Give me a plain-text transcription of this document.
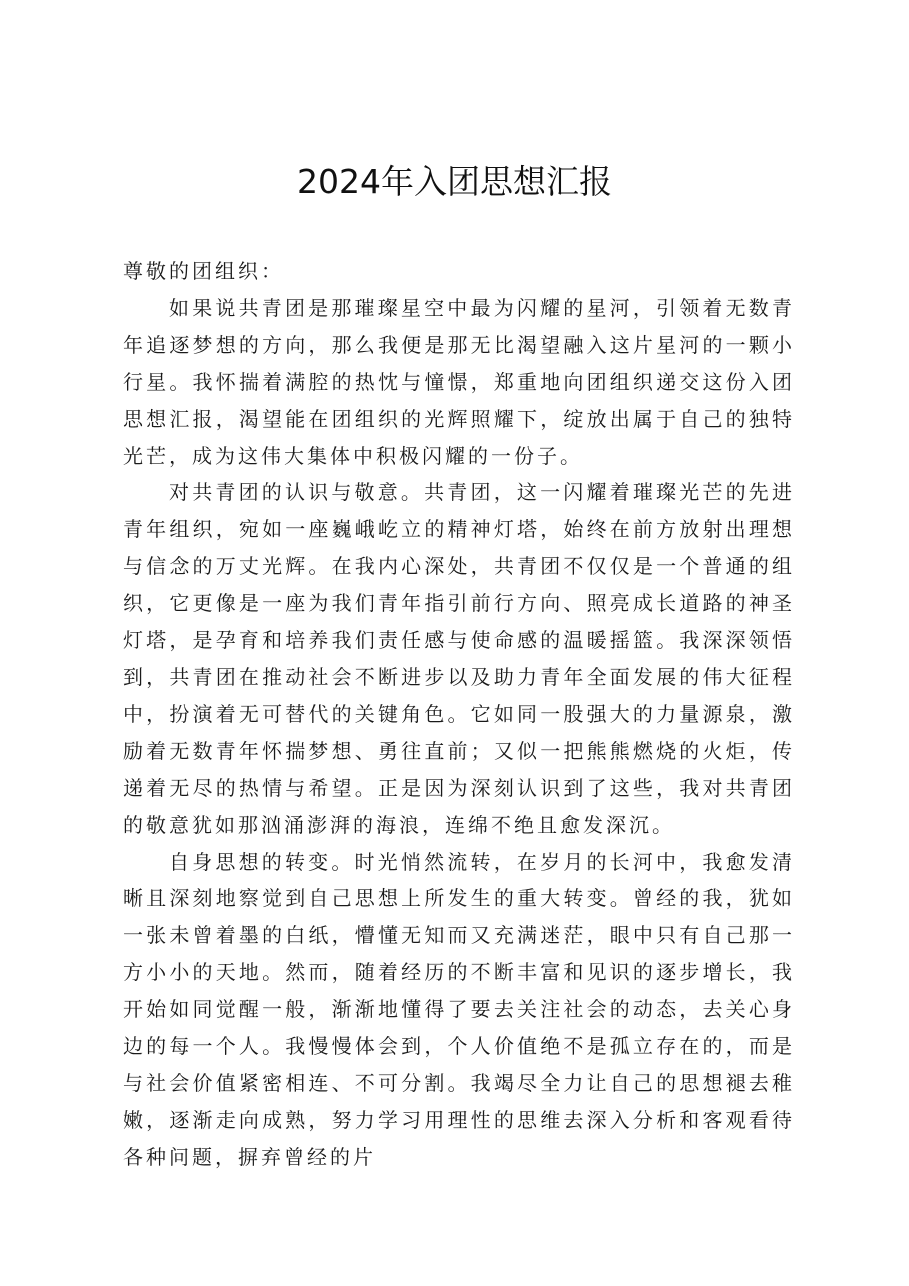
2024年入团思想汇报

尊敬的团组织：

如果说共青团是那璀璨星空中最为闪耀的星河，引领着无数青年追逐梦想的方向，那么我便是那无比渴望融入这片星河的一颗小行星。我怀揣着满腔的热忱与憧憬，郑重地向团组织递交这份入团思想汇报，渴望能在团组织的光辉照耀下，绽放出属于自己的独特光芒，成为这伟大集体中积极闪耀的一份子。

对共青团的认识与敬意。共青团，这一闪耀着璀璨光芒的先进青年组织，宛如一座巍峨屹立的精神灯塔，始终在前方放射出理想与信念的万丈光辉。在我内心深处，共青团不仅仅是一个普通的组织，它更像是一座为我们青年指引前行方向、照亮成长道路的神圣灯塔，是孕育和培养我们责任感与使命感的温暖摇篮。我深深领悟到，共青团在推动社会不断进步以及助力青年全面发展的伟大征程中，扮演着无可替代的关键角色。它如同一股强大的力量源泉，激励着无数青年怀揣梦想、勇往直前；又似一把熊熊燃烧的火炬，传递着无尽的热情与希望。正是因为深刻认识到了这些，我对共青团的敬意犹如那汹涌澎湃的海浪，连绵不绝且愈发深沉。

自身思想的转变。时光悄然流转，在岁月的长河中，我愈发清晰且深刻地察觉到自己思想上所发生的重大转变。曾经的我，犹如一张未曾着墨的白纸，懵懂无知而又充满迷茫，眼中只有自己那一方小小的天地。然而，随着经历的不断丰富和见识的逐步增长，我开始如同觉醒一般，渐渐地懂得了要去关注社会的动态，去关心身边的每一个人。我慢慢体会到，个人价值绝不是孤立存在的，而是与社会价值紧密相连、不可分割。我竭尽全力让自己的思想褪去稚嫩，逐渐走向成熟，努力学习用理性的思维去深入分析和客观看待各种问题，摒弃曾经的片
